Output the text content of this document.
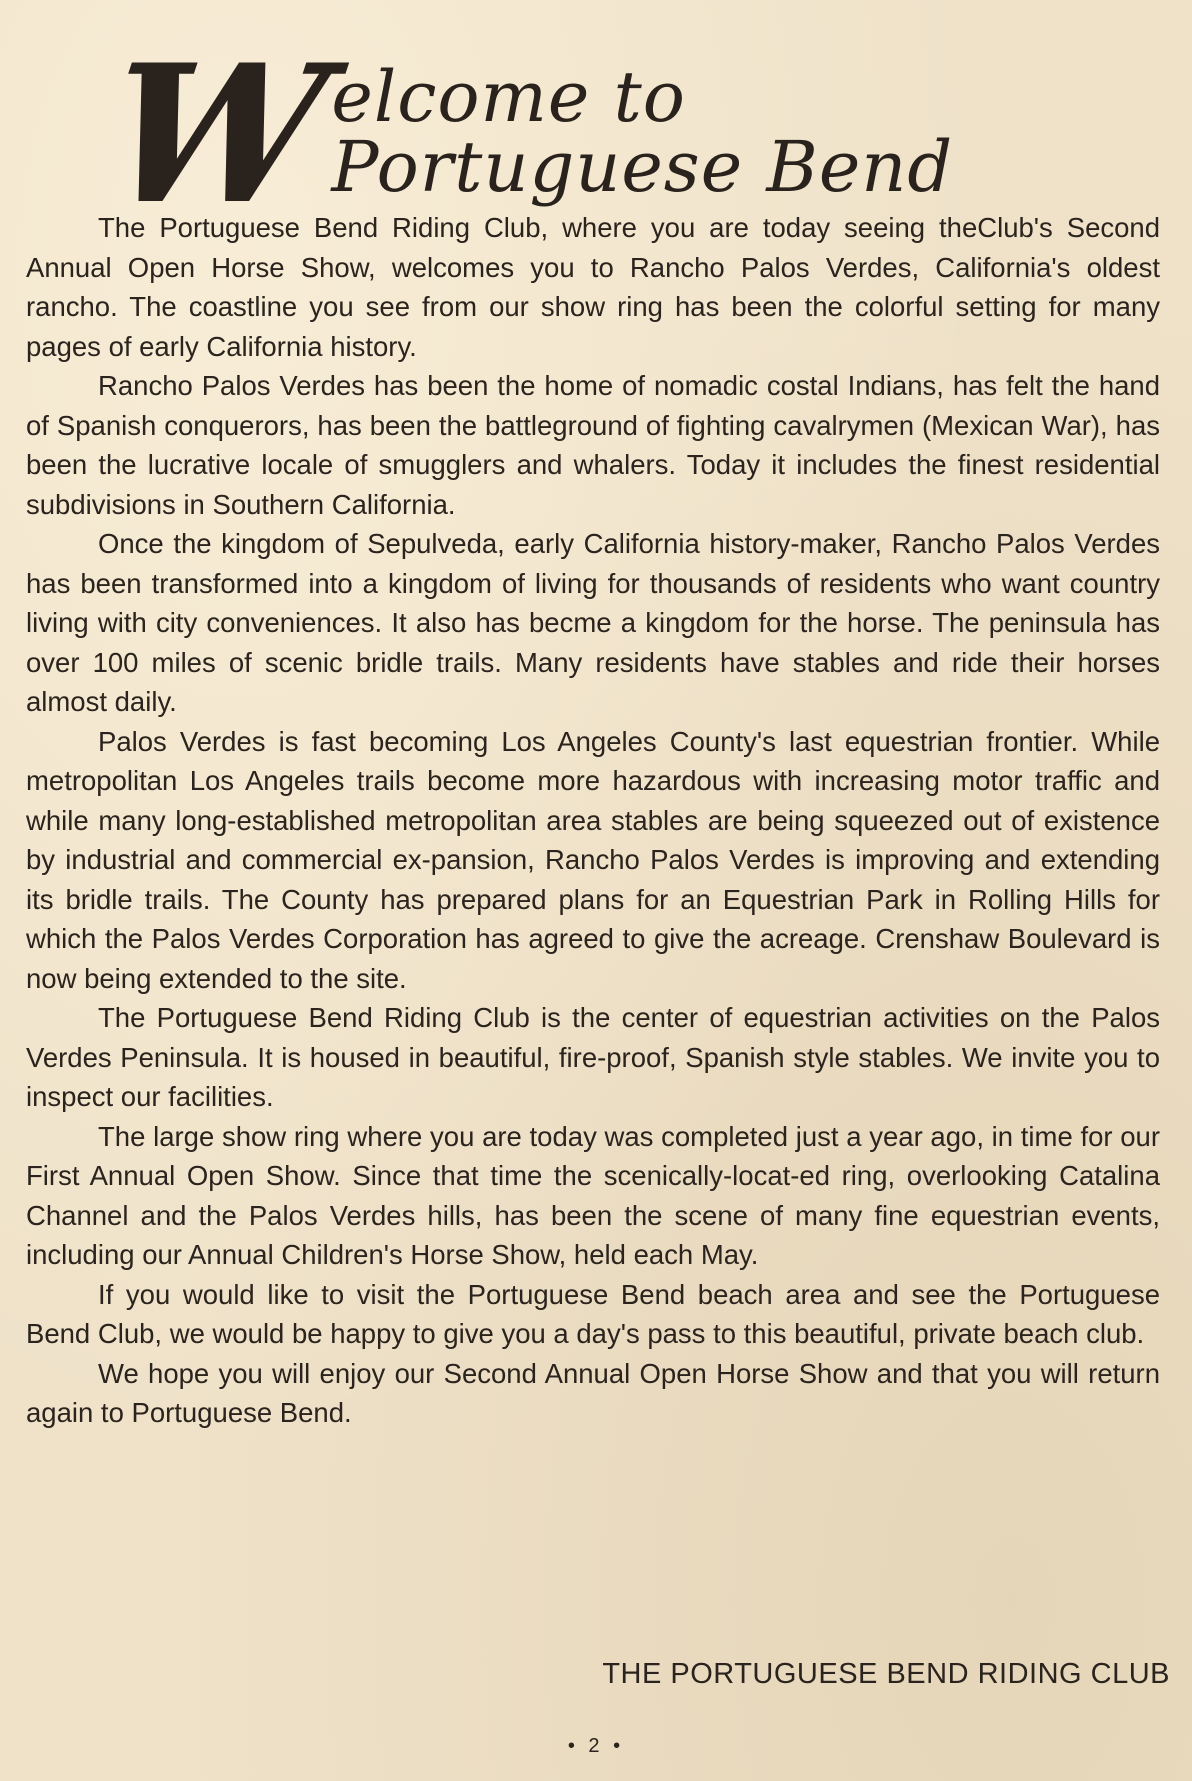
W
elcome to Portuguese Bend

The Portuguese Bend Riding Club, where you are today seeing theClub's Second Annual Open Horse Show, welcomes you to Rancho Palos Verdes, California's oldest rancho. The coastline you see from our show ring has been the colorful setting for many pages of early California history.

Rancho Palos Verdes has been the home of nomadic costal Indians, has felt the hand of Spanish conquerors, has been the battleground of fighting cavalrymen (Mexican War), has been the lucrative locale of smugglers and whalers. Today it includes the finest residential subdivisions in Southern California.

Once the kingdom of Sepulveda, early California history-maker, Rancho Palos Verdes has been transformed into a kingdom of living for thousands of residents who want country living with city conveniences. It also has becme a kingdom for the horse. The peninsula has over 100 miles of scenic bridle trails. Many residents have stables and ride their horses almost daily.

Palos Verdes is fast becoming Los Angeles County's last equestrian frontier. While metropolitan Los Angeles trails become more hazardous with increasing motor traffic and while many long-established metropolitan area stables are being squeezed out of existence by industrial and commercial ex-pansion, Rancho Palos Verdes is improving and extending its bridle trails. The County has prepared plans for an Equestrian Park in Rolling Hills for which the Palos Verdes Corporation has agreed to give the acreage. Crenshaw Boulevard is now being extended to the site.

The Portuguese Bend Riding Club is the center of equestrian activities on the Palos Verdes Peninsula. It is housed in beautiful, fire-proof, Spanish style stables. We invite you to inspect our facilities.

The large show ring where you are today was completed just a year ago, in time for our First Annual Open Show. Since that time the scenically-locat-ed ring, overlooking Catalina Channel and the Palos Verdes hills, has been the scene of many fine equestrian events, including our Annual Children's Horse Show, held each May.

If you would like to visit the Portuguese Bend beach area and see the Portuguese Bend Club, we would be happy to give you a day's pass to this beautiful, private beach club.

We hope you will enjoy our Second Annual Open Horse Show and that you will return again to Portuguese Bend.

THE PORTUGUESE BEND RIDING CLUB
• 2 •
